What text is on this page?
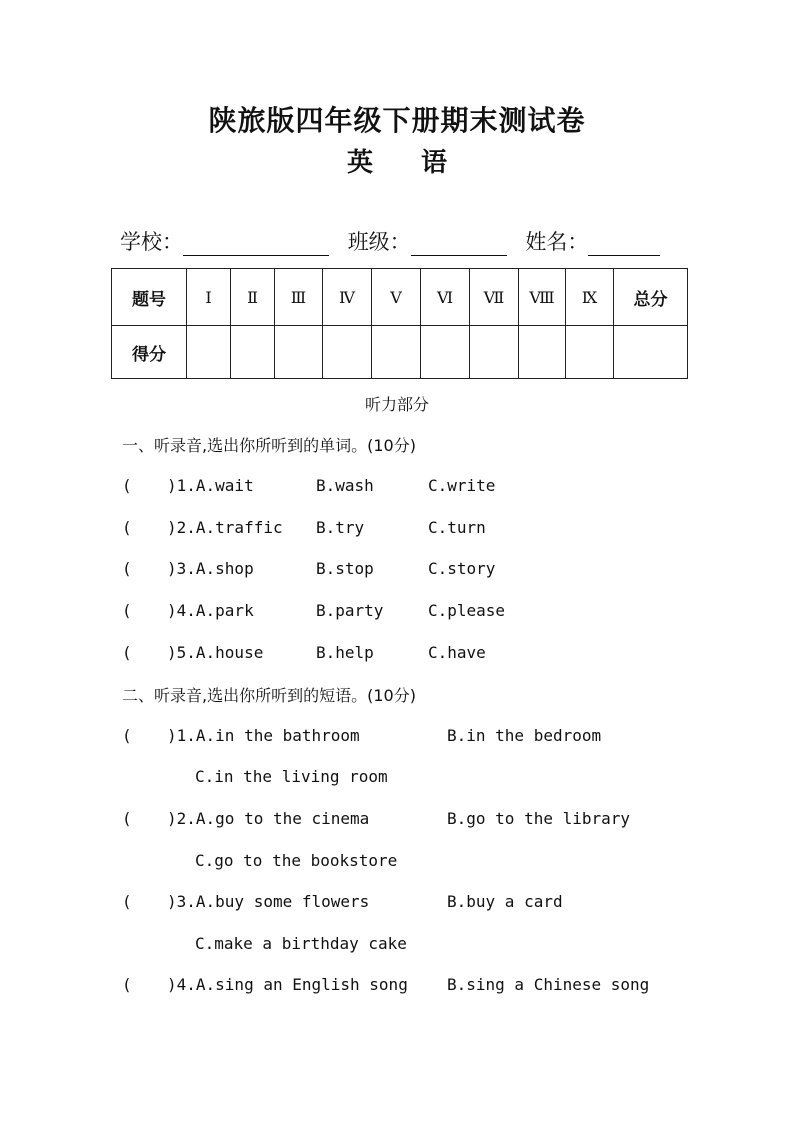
陕旅版四年级下册期末测试卷
英 语
学校：	班级：	姓名：
题号	Ⅰ	Ⅱ	Ⅲ	Ⅳ	Ⅴ	Ⅵ	Ⅶ	Ⅷ	Ⅸ	总分
得分										
听力部分
一、听录音,选出你所听到的单词。(10分)
( )1.A.wait	B.wash	C.write
( )2.A.traffic B.try	C.turn
( )3.A.shop	B.stop	C.story
( )4.A.park	B.party	C.please
( )5.A.house	B.help	C.have
二、听录音,选出你所听到的短语。(10分)
( )1.A.in the bathroom	B.in the bedroom
C.in the living room
( )2.A.go to the cinema	B.go to the library
C.go to the bookstore
( )3.A.buy some flowers	B.buy a card
C.make a birthday cake
( )4.A.sing an English song B.sing a Chinese song
